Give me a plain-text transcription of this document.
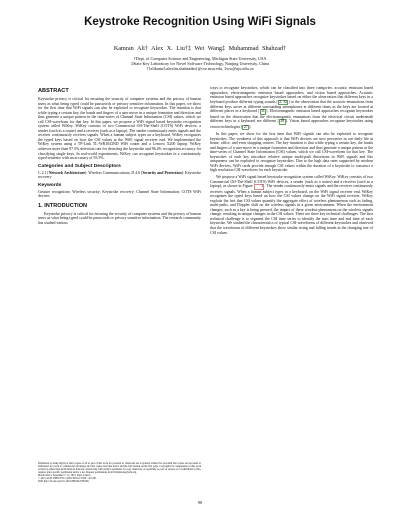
Keystroke Recognition Using WiFi Signals
Kamran Ali† Alex X. Liu†‡ Wei Wang‡ Muhammad Shahzad†
†Dept. of Computer Science and Engineering, Michigan State University, USA
‡State Key Laboratory for Novel Software Technology, Nanjing University, China
†{alikamr3,alexliu,shahzadm}@cse.msu.edu, ‡ww@nju.edu.cn
ABSTRACT

Keystroke privacy is critical for ensuring the security of computer systems and the privacy of human users as what being typed could be passwords or privacy sensitive information. In this paper, we show for the first time that WiFi signals can also be exploited to recognize keystrokes. The intuition is that while typing a certain key, the hands and fingers of a user move in a unique formation and direction and thus generate a unique pattern in the time-series of Channel State Information (CSI) values, which we call CSI-waveform for that key. In this paper, we propose a WiFi signal based keystroke recognition system called WiKey. WiKey consists of two Commercial Off-The-Shelf (COTS) WiFi devices, a sender (such as a router) and a receiver (such as a laptop). The sender continuously emits signals and the receiver continuously receives signals. When a human subject types on a keyboard, WiKey recognizes the typed keys based on how the CSI values at the WiFi signal receiver end. We implemented the WiKey system using a TP-Link TL-WR1043ND WiFi router and a Lenovo X200 laptop. WiKey achieves more than 97.5% detection rate for detecting the keystroke and 96.4% recognition accuracy for classifying single keys. In real-world experiments, WiKey can recognize keystrokes in a continuously typed sentence with an accuracy of 93.5%.

Categories and Subject Descriptors

C.2.1 [Network Architecture]: Wireless Communications; D.4.6 [Security and Protection]: Keystroke recovery

Keywords

Gesture recognition; Wireless security; Keystroke recovery; Channel State Information; COTS WiFi devices

1. INTRODUCTION

Keystroke privacy is critical for ensuring the security of computer systems and the privacy of human users as what being typed could be passwords or privacy sensitive information. The research community has studied various

Permission to make digital or hard copies of all or part of this work for personal or classroom use is granted without fee provided that copies are not made or distributed for profit or commercial advantage and that copies bear this notice and the full citation on the first page. Copyrights for components of this work owned by others than ACM must be honored. Abstracting with credit is permitted. To copy otherwise, or republish, to post on servers or to redistribute to lists, requires prior specific permission and/or a fee. Request permissions from Permissions@acm.org.

MobiCom'15, September 7–11, 2015, Paris, France.

© 2015 ACM. ISBN 978-1-4503-3619-2/15/09 ...$15.00.

DOI: http://dx.doi.org/10.1145/2789168.2790109.

ways to recognize keystrokes, which can be classified into three categories: acoustic emission based approaches, electromagnetic emission based approaches, and vision based approaches. Acoustic emission based approaches recognize keystrokes based on either the observation that different keys in a keyboard produce different typing sounds [2, 32] or the observation that the acoustic emanations from different keys arrive at different surrounding smartphones at different times as the keys are located at different places in a keyboard [31]. Electromagnetic emission based approaches recognize keystrokes based on the observation that the electromagnetic emanations from the electrical circuit underneath different keys in a keyboard are different [28]. Vision based approaches recognize keystrokes using vision technologies [27].

In this paper, we show for the first time that WiFi signals can also be exploited to recognize keystrokes. The weakness of this approach is that WiFi devices are now pervasive in our daily life at home, office, and even shopping centers. The key intuition is that while typing a certain key, the hands and fingers of a user move in a unique formation and direction and thus generate a unique pattern in the time-series of Channel State Information (CSI) values, which we call CSI-waveform for that key. The keystrokes of each key introduce relative unique multi-path distortions in WiFi signals and this uniqueness can be exploited to recognize keystrokes. Due to the high data rates supported by modern WiFi devices, WiFi cards provide enough CSI values within the duration of a keystroke to construct a high resolution CSI-waveform for each keystroke.

We propose a WiFi signal based keystroke recognition system called WiKey. WiKey consists of two Commercial Off-The-Shelf (COTS) WiFi devices, a sender (such as a router) and a receiver (such as a laptop), as shown in Figure 1. The sender continuously emits signals and the receiver continuously receives signals. When a human subject types in a keyboard, on the WiFi signal receiver end, WiKey recognizes the typed keys based on how the CSI values change on the WiFi signal receiver. WiKey exploits the fact that CSI values quantify the aggregate effect of wireless phenomenon such as fading, multi-paths, and Doppler shift on the wireless signals in a given environment. When the environment changes, such as a key is being pressed, the impact of these wireless phenomena on the wireless signals change, resulting in unique changes in the CSI values. There are three key technical challenges. The first technical challenge is to segment the CSI time series to identify the start time and end time of each keystroke. We studied the characteristics of typical CSI-waveforms of different keystrokes and observed that the waveforms of different keystrokes show similar rising and falling trends in the changing rate of CSI values.

90
